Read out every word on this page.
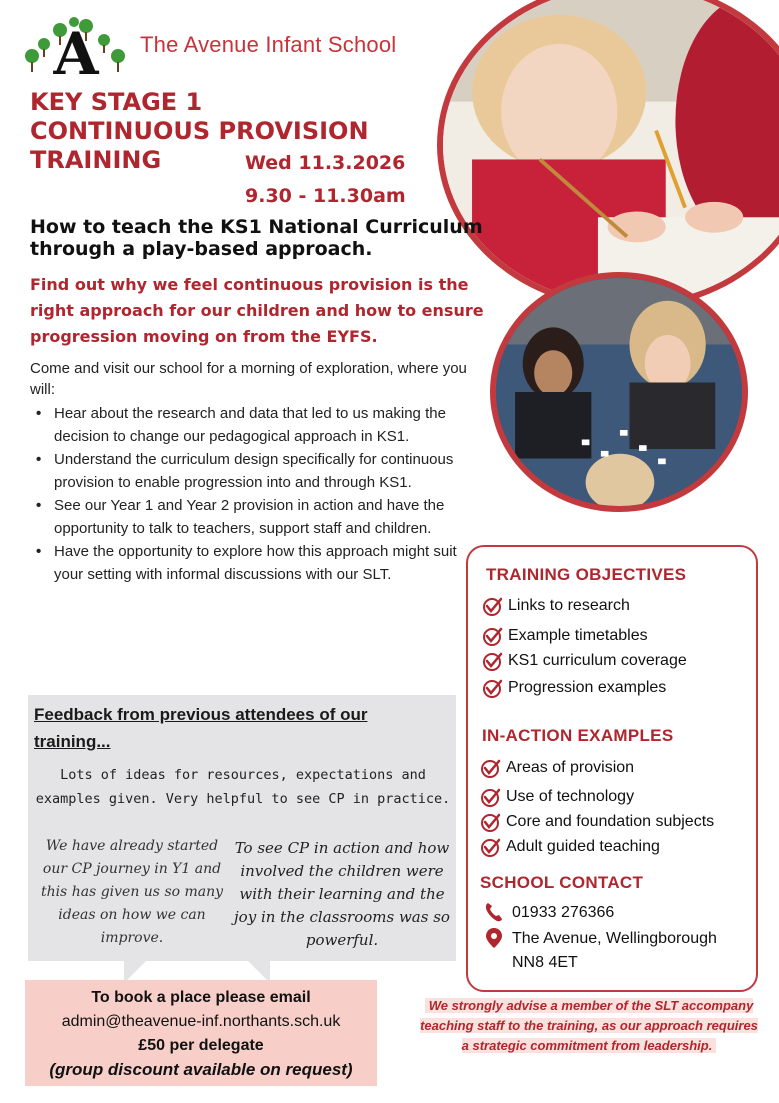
A The Avenue Infant School
KEY STAGE 1
CONTINUOUS PROVISION
TRAINING	Wed 11.3.2026
9.30 - 11.30am
How to teach the KS1 National Curriculum
through a play-based approach.
Find out why we feel continuous provision is the right approach for our children and how to ensure progression moving on from the EYFS.
Come and visit our school for a morning of exploration, where you will:
• Hear about the research and data that led to us making the decision to change our pedagogical approach in KS1.
• Understand the curriculum design specifically for continuous provision to enable progression into and through KS1.
• See our Year 1 and Year 2 provision in action and have the opportunity to talk to teachers, support staff and children.
• Have the opportunity to explore how this approach might suit your setting with informal discussions with our SLT.
Feedback from previous attendees of our training...
Lots of ideas for resources, expectations and examples given. Very helpful to see CP in practice.
We have already started our CP journey in Y1 and this has given us so many ideas on how we can improve.
To see CP in action and how involved the children were with their learning and the joy in the classrooms was so powerful.
To book a place please email
admin@theavenue-inf.northants.sch.uk
£50 per delegate
(group discount available on request)
TRAINING OBJECTIVES
Links to research
Example timetables
KS1 curriculum coverage
Progression examples
IN-ACTION EXAMPLES
Areas of provision
Use of technology
Core and foundation subjects
Adult guided teaching
SCHOOL CONTACT
01933 276366
The Avenue, Wellingborough
NN8 4ET
We strongly advise a member of the SLT accompany teaching staff to the training, as our approach requires a strategic commitment from leadership.
